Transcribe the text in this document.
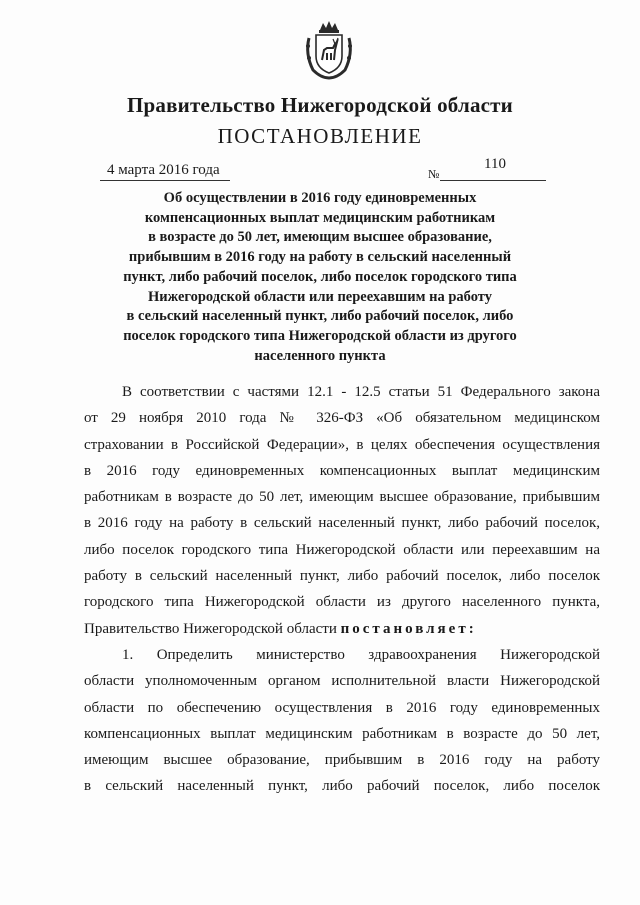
Правительство Нижегородской области
ПОСТАНОВЛЕНИЕ
4 марта 2016 года	№
110
Об осуществлении в 2016 году единовременных
компенсационных выплат медицинским работникам
в возрасте до 50 лет, имеющим высшее образование,
прибывшим в 2016 году на работу в сельский населенный
пункт, либо рабочий поселок, либо поселок городского типа
Нижегородской области или переехавшим на работу
в сельский населенный пункт, либо рабочий поселок, либо
поселок городского типа Нижегородской области из другого
населенного пункта
В соответствии с частями 12.1 - 12.5 статьи 51 Федерального закона
от 29 ноября 2010 года № 326-ФЗ «Об обязательном медицинском
страховании в Российской Федерации», в целях обеспечения осуществления
в 2016 году единовременных компенсационных выплат медицинским
работникам в возрасте до 50 лет, имеющим высшее образование, прибывшим
в 2016 году на работу в сельский населенный пункт, либо рабочий поселок,
либо поселок городского типа Нижегородской области или переехавшим на
работу в сельский населенный пункт, либо рабочий поселок, либо поселок
городского типа Нижегородской области из другого населенного пункта,
Правительство Нижегородской области постановляет:
1. Определить министерство здравоохранения Нижегородской
области уполномоченным органом исполнительной власти Нижегородской
области по обеспечению осуществления в 2016 году единовременных
компенсационных выплат медицинским работникам в возрасте до 50 лет,
имеющим высшее образование, прибывшим в 2016 году на работу
в сельский населенный пункт, либо рабочий поселок, либо поселок
